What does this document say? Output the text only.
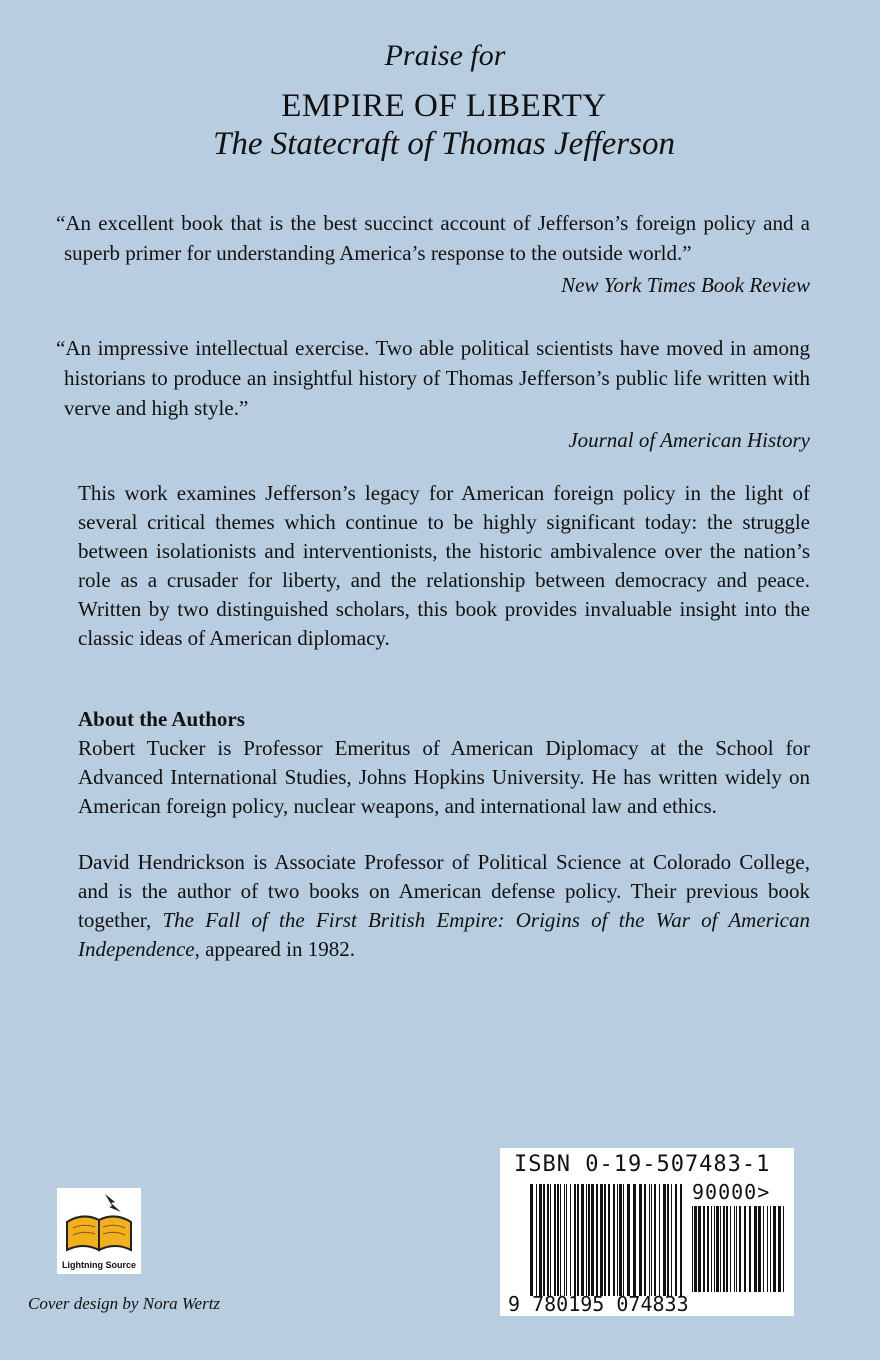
Praise for
EMPIRE OF LIBERTY
The Statecraft of Thomas Jefferson
“An excellent book that is the best succinct account of Jefferson’s foreign policy and a superb primer for understanding America’s response to the outside world.”
New York Times Book Review
“An impressive intellectual exercise. Two able political scientists have moved in among historians to produce an insightful history of Thomas Jefferson’s public life written with verve and high style.”
Journal of American History
This work examines Jefferson’s legacy for American foreign policy in the light of several critical themes which continue to be highly significant today: the struggle between isolationists and interventionists, the historic ambivalence over the nation’s role as a crusader for liberty, and the relationship between democracy and peace. Written by two distinguished scholars, this book provides invaluable insight into the classic ideas of American diplomacy.
About the Authors
Robert Tucker is Professor Emeritus of American Diplomacy at the School for Advanced International Studies, Johns Hopkins University. He has written widely on American foreign policy, nuclear weapons, and international law and ethics.
David Hendrickson is Associate Professor of Political Science at Colorado College, and is the author of two books on American defense policy. Their previous book together, The Fall of the First British Empire: Origins of the War of American Independence, appeared in 1982.
ISBN 0-19-507483-1
90000>
9 780195 074833
Lightning Source
Cover design by Nora Wertz
